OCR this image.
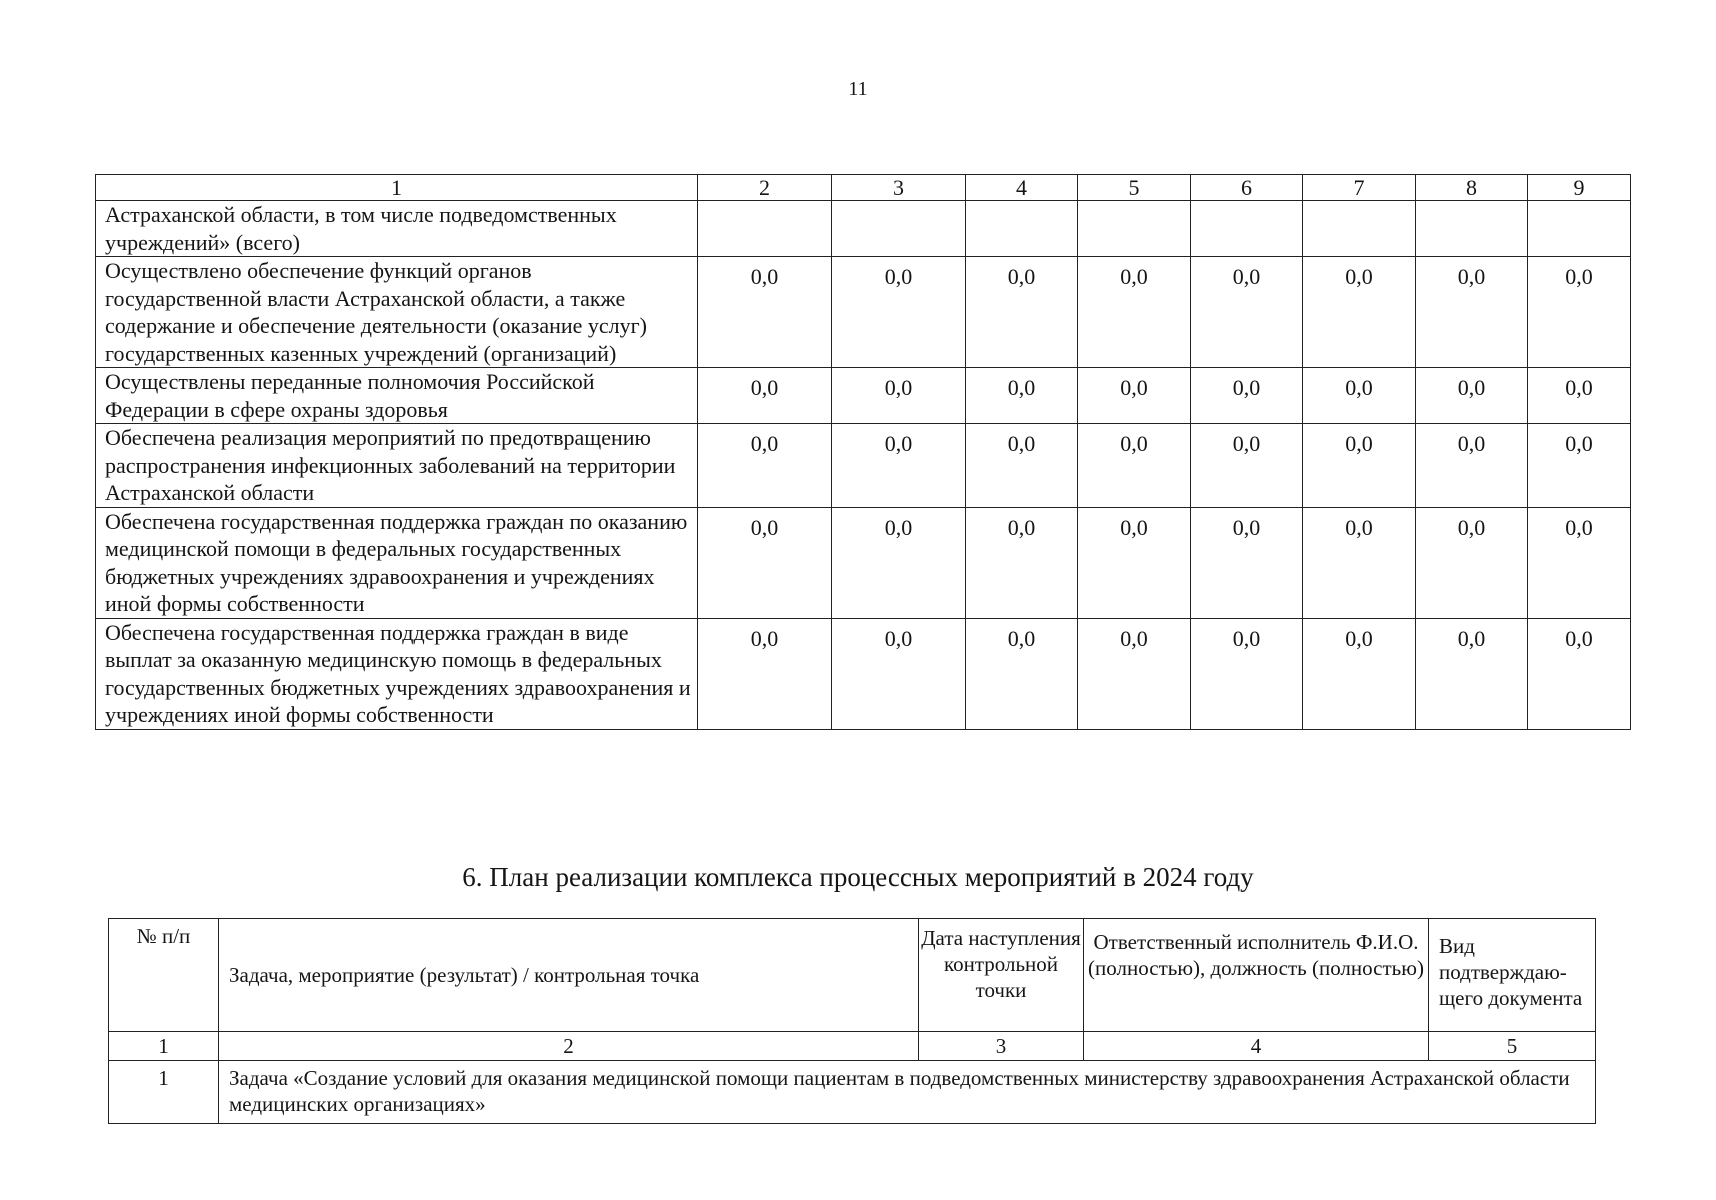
11
1	2	3	4	5	6	7	8	9
Астраханской области, в том числе подведомственных учреждений» (всего)								
Осуществлено обеспечение функций органов государственной власти Астраханской области, а также содержание и обеспечение деятельности (оказание услуг) государственных казенных учреждений (организаций)	0,0	0,0	0,0	0,0	0,0	0,0	0,0	0,0
Осуществлены переданные полномочия Российской Федерации в сфере охраны здоровья	0,0	0,0	0,0	0,0	0,0	0,0	0,0	0,0
Обеспечена реализация мероприятий по предотвращению распространения инфекционных заболеваний на территории Астраханской области	0,0	0,0	0,0	0,0	0,0	0,0	0,0	0,0
Обеспечена государственная поддержка граждан по оказанию медицинской помощи в федеральных государственных бюджетных учреждениях здравоохранения и учреждениях иной формы собственности	0,0	0,0	0,0	0,0	0,0	0,0	0,0	0,0
Обеспечена государственная поддержка граждан в виде выплат за оказанную медицинскую помощь в федеральных государственных бюджетных учреждениях здравоохранения и учреждениях иной формы собственности	0,0	0,0	0,0	0,0	0,0	0,0	0,0	0,0
6. План реализации комплекса процессных мероприятий в 2024 году
№ п/п	Задача, мероприятие (результат) / контрольная точка	Дата наступления контрольной точки	Ответственный исполнитель Ф.И.О. (полностью), должность (полностью)	Вид подтверждаю-щего документа
1	2	3	4	5
1	Задача «Создание условий для оказания медицинской помощи пациентам в подведомственных министерству здравоохранения Астраханской области медицинских организациях»			
